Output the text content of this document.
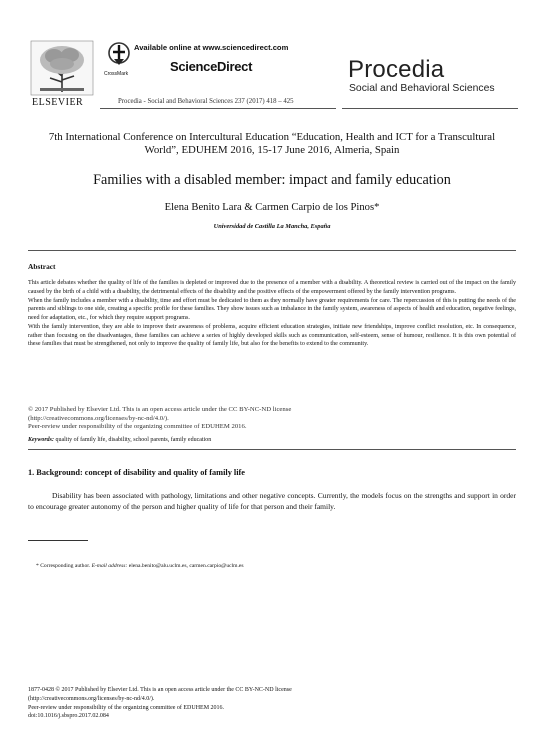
ELSEVIER
CrossMark
Available online at www.sciencedirect.com
ScienceDirect
Procedia - Social and Behavioral Sciences 237 (2017) 418 – 425
Procedia
Social and Behavioral Sciences
7th International Conference on Intercultural Education “Education, Health and ICT for a Transcultural World”, EDUHEM 2016, 15-17 June 2016, Almeria, Spain
Families with a disabled member: impact and family education
Elena Benito Lara & Carmen Carpio de los Pinos*
Universidad de Castilla La Mancha, España
Abstract

This article debates whether the quality of life of the families is depleted or improved due to the presence of a member with a disability. A theoretical review is carried out of the impact on the family caused by the birth of a child with a disability, the detrimental effects of the disability and the positive effects of the empowerment offered by the family intervention programs.

When the family includes a member with a disability, time and effort must be dedicated to them as they normally have greater requirements for care. The repercussion of this is putting the needs of the parents and siblings to one side, creating a specific profile for these families. They show issues such as imbalance in the family system, awareness of aspects of health and education, negative feelings, need for adaptation, etc., for which they require support programs.

With the family intervention, they are able to improve their awareness of problems, acquire efficient education strategies, initiate new friendships, improve conflict resolution, etc. In consequence, rather than focusing on the disadvantages, these families can achieve a series of highly developed skills such as communication, self-esteem, sense of humour, resilience. It is this own potential of these families that must be strengthened, not only to improve the quality of family life, but also for the benefits to extend to the community.

© 2017 Published by Elsevier Ltd. This is an open access article under the CC BY-NC-ND license
(http://creativecommons.org/licenses/by-nc-nd/4.0/).
Peer-review under responsibility of the organizing committee of EDUHEM 2016.
Keywords: quality of family life, disability, school parents, family education
1. Background: concept of disability and quality of family life
Disability has been associated with pathology, limitations and other negative concepts. Currently, the models focus on the strengths and support in order to encourage greater autonomy of the person and higher quality of life for that person and their family.
* Corresponding author. E-mail address: elena.benito@alu.uclm.es, carmen.carpio@uclm.es
1877-0428 © 2017 Published by Elsevier Ltd. This is an open access article under the CC BY-NC-ND license
(http://creativecommons.org/licenses/by-nc-nd/4.0/).
Peer-review under responsibility of the organizing committee of EDUHEM 2016.
doi:10.1016/j.sbspro.2017.02.084
